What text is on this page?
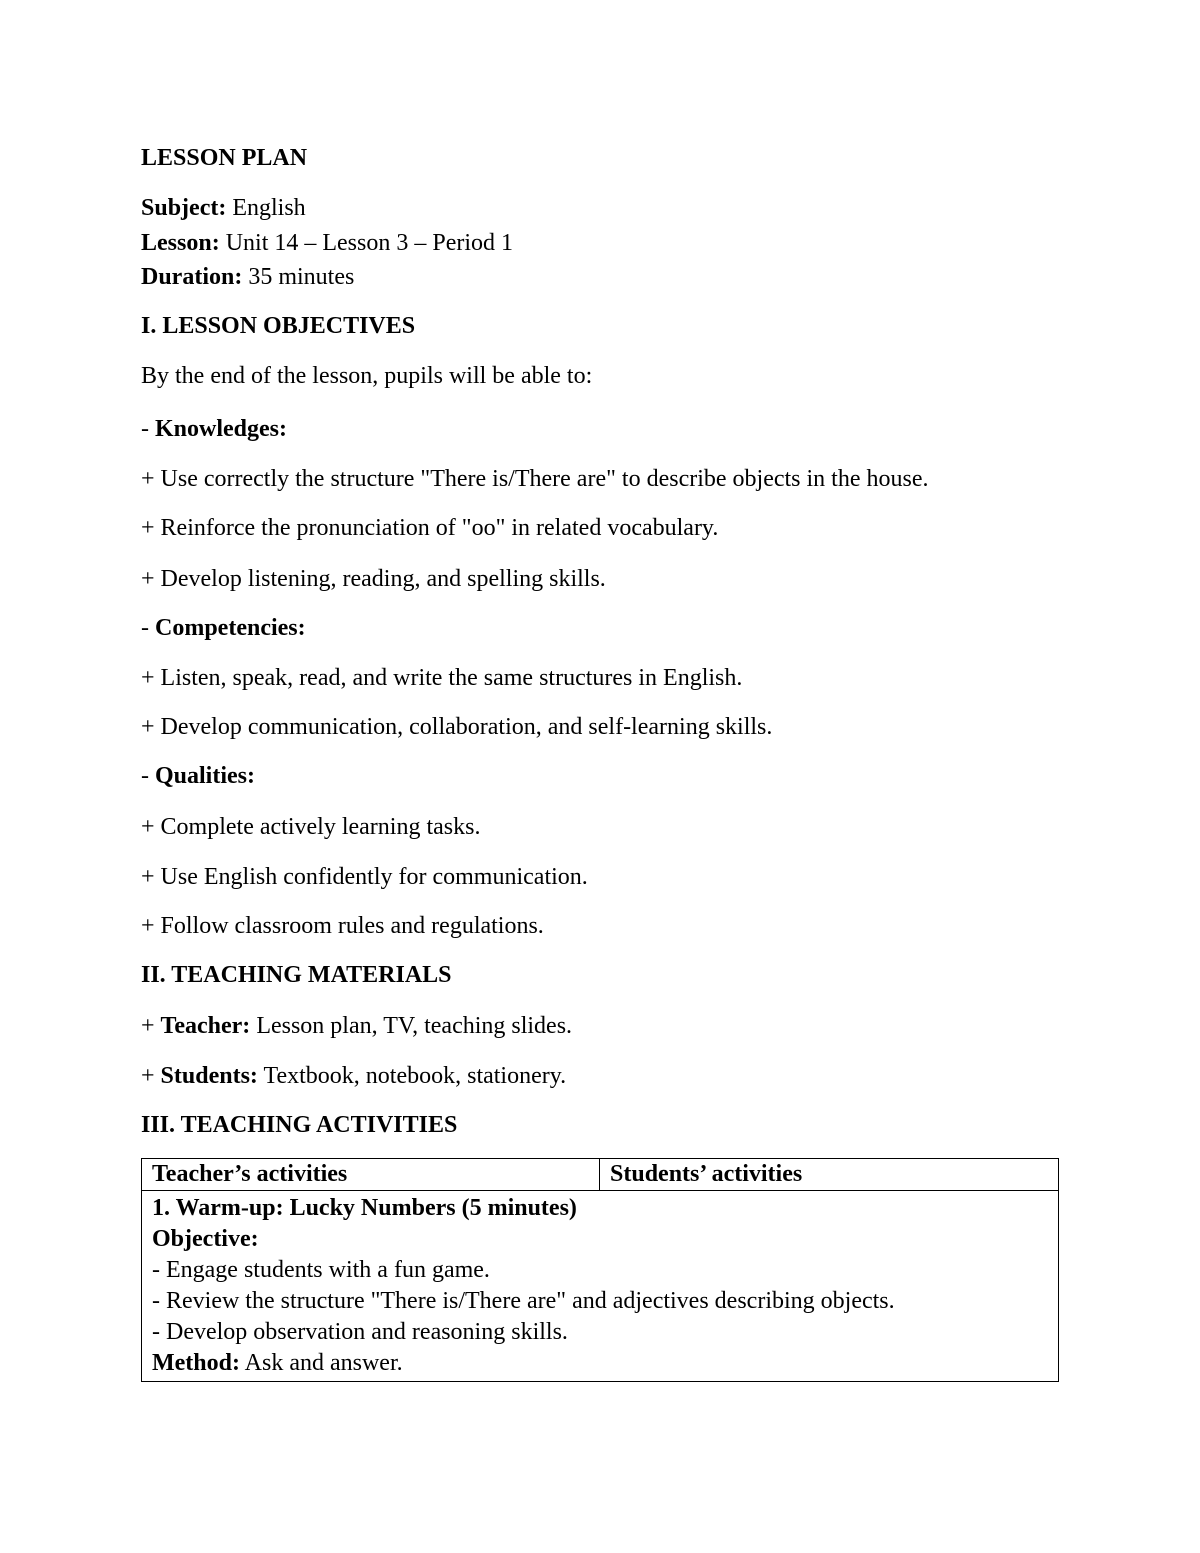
LESSON PLAN
Subject: English
Lesson: Unit 14 – Lesson 3 – Period 1
Duration: 35 minutes
I. LESSON OBJECTIVES
By the end of the lesson, pupils will be able to:
- Knowledges:
+ Use correctly the structure "There is/There are" to describe objects in the house.
+ Reinforce the pronunciation of "oo" in related vocabulary.
+ Develop listening, reading, and spelling skills.
- Competencies:
+ Listen, speak, read, and write the same structures in English.
+ Develop communication, collaboration, and self-learning skills.
- Qualities:
+ Complete actively learning tasks.
+ Use English confidently for communication.
+ Follow classroom rules and regulations.
II. TEACHING MATERIALS
+ Teacher: Lesson plan, TV, teaching slides.
+ Students: Textbook, notebook, stationery.
III. TEACHING ACTIVITIES
Teacher’s activities	Students’ activities

1. Warm-up: Lucky Numbers (5 minutes)
Objective:
- Engage students with a fun game.
- Review the structure "There is/There are" and adjectives describing objects.
- Develop observation and reasoning skills.
Method: Ask and answer.
